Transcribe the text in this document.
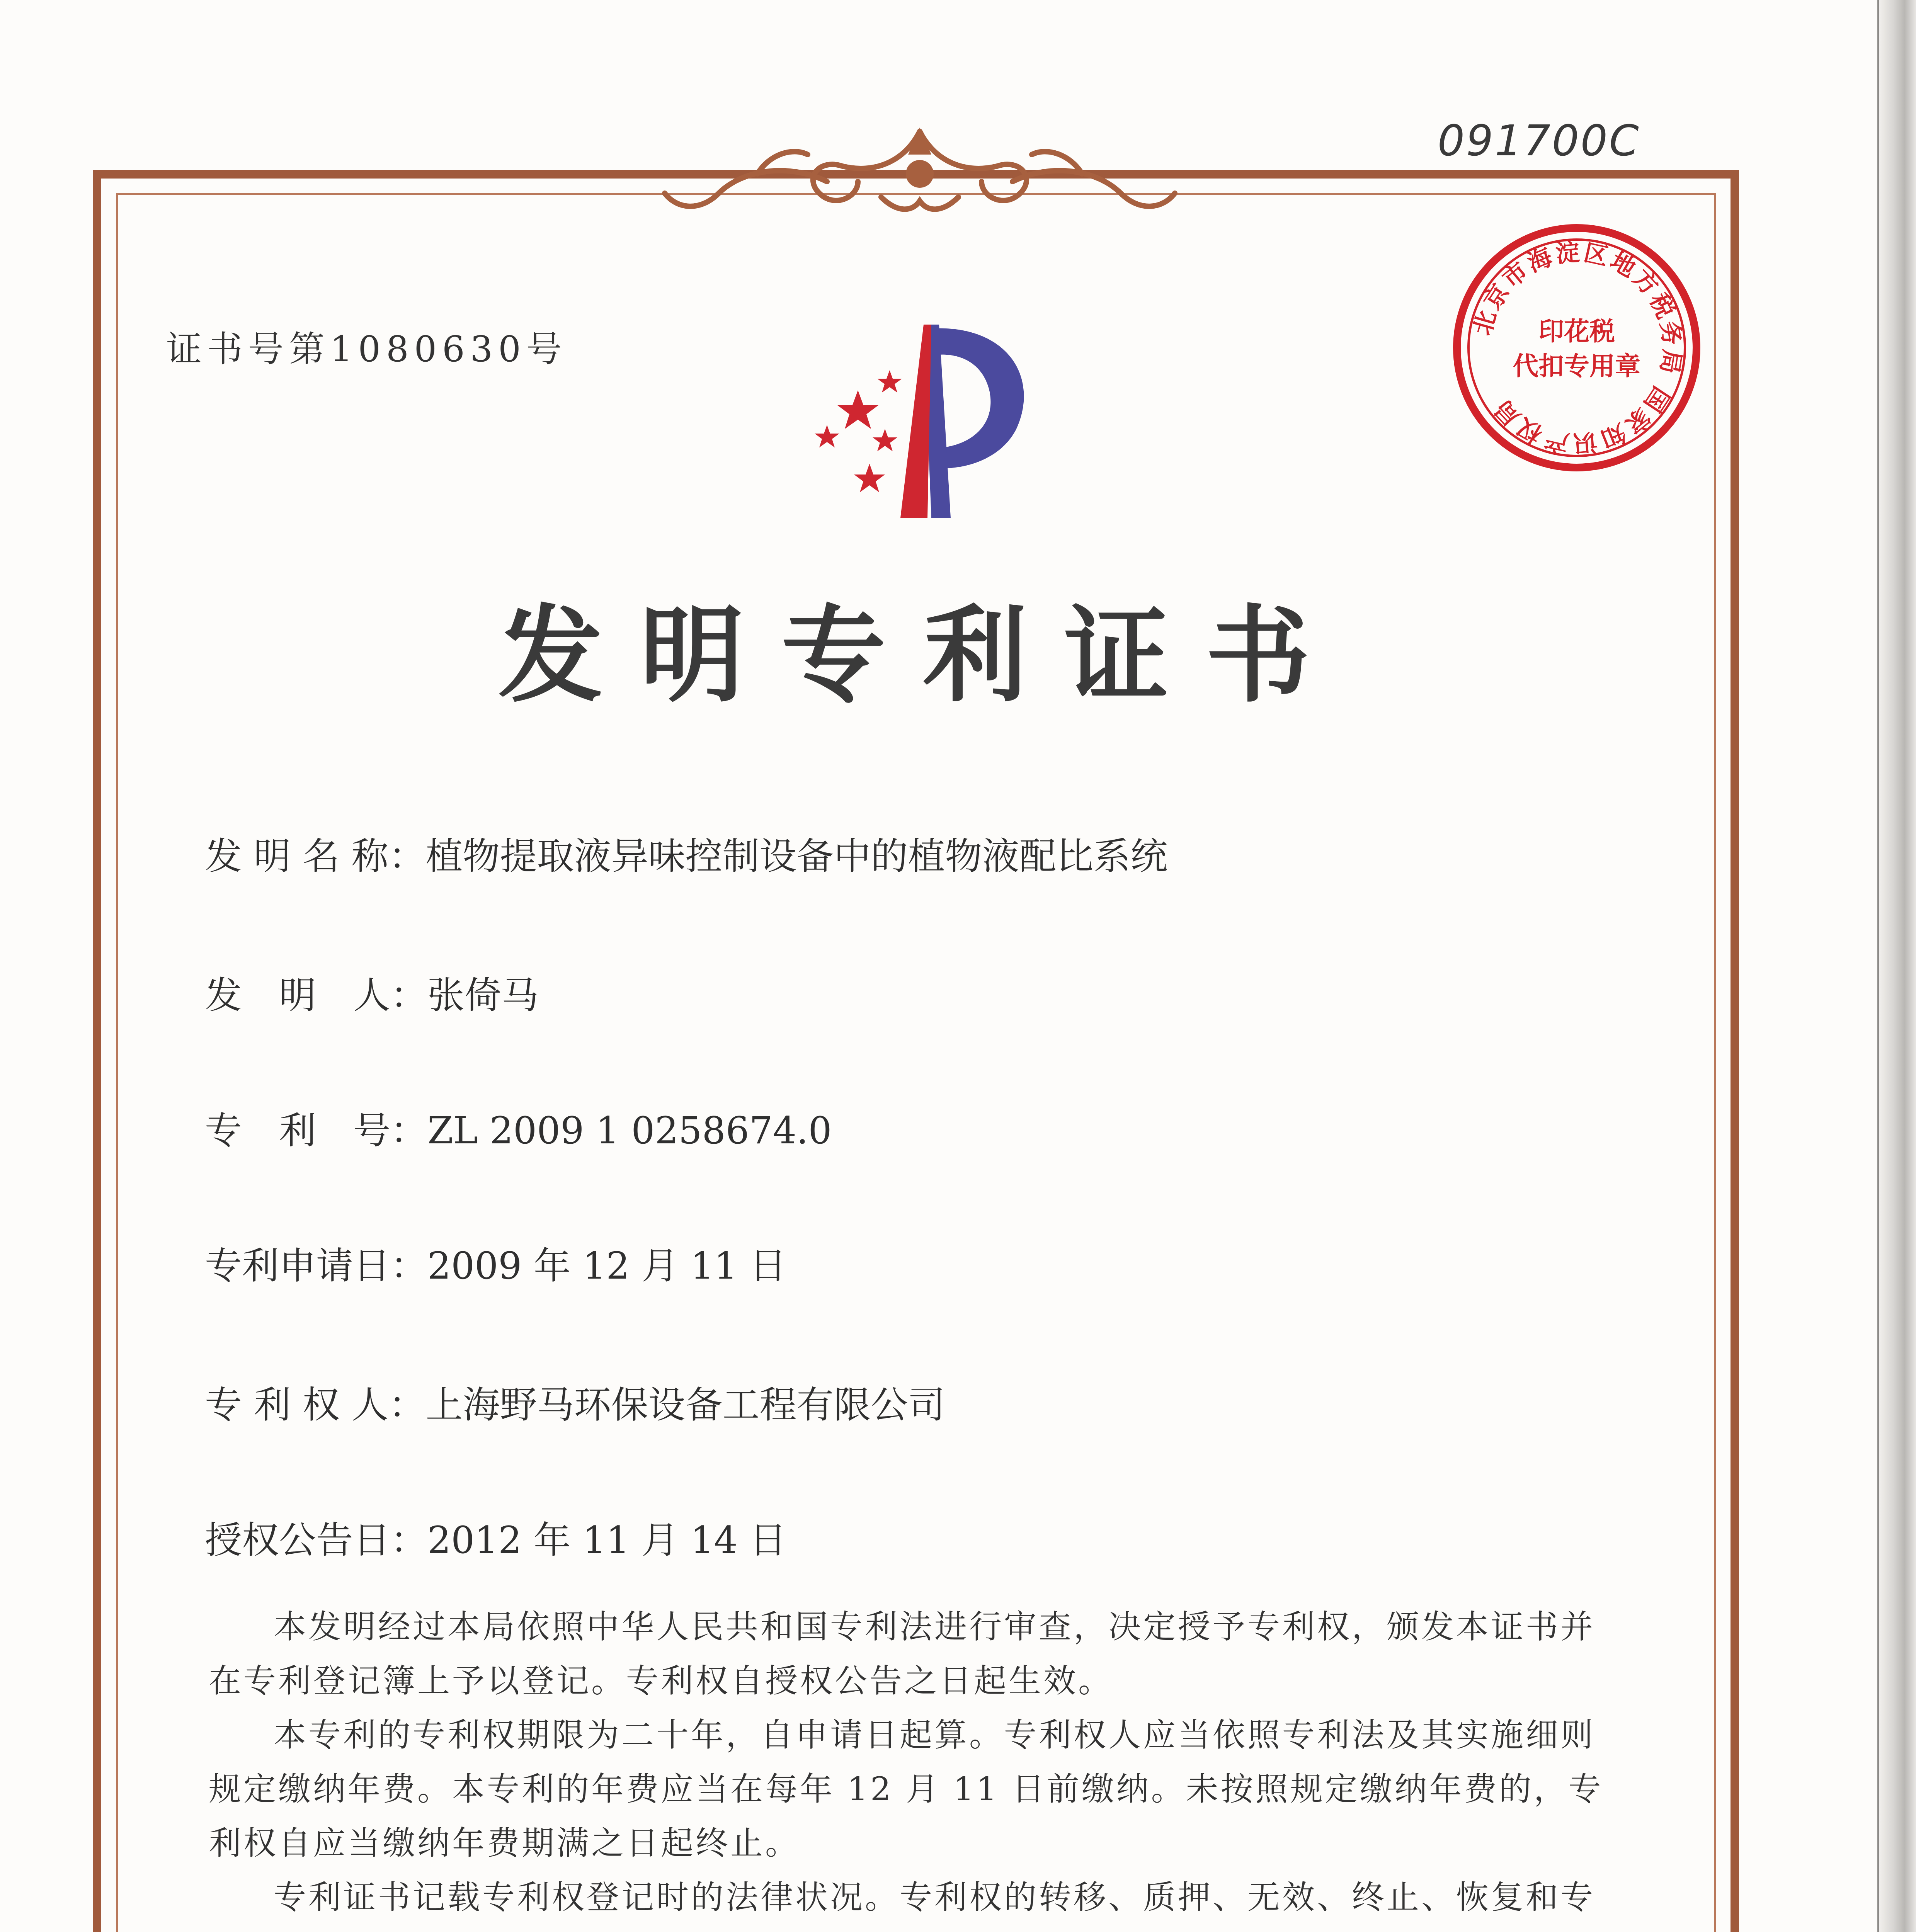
091700C
证书号第1080630号
北京市海淀区地方税务局 国家知识产权局
印花税
代扣专用章
发明专利证书
发 明 名 称：植物提取液异味控制设备中的植物液配比系统
发　明　人：张倚马
专　利　号：ZL 2009 1 0258674.0
专利申请日：2009 年 12 月 11 日
专 利 权 人：上海野马环保设备工程有限公司
授权公告日：2012 年 11 月 14 日

本发明经过本局依照中华人民共和国专利法进行审查，决定授予专利权，颁发本证书并在专利登记簿上予以登记。专利权自授权公告之日起生效。

本专利的专利权期限为二十年，自申请日起算。专利权人应当依照专利法及其实施细则规定缴纳年费。本专利的年费应当在每年 12 月 11 日前缴纳。未按照规定缴纳年费的，专利权自应当缴纳年费期满之日起终止。

专利证书记载专利权登记时的法律状况。专利权的转移、质押、无效、终止、恢复和专
